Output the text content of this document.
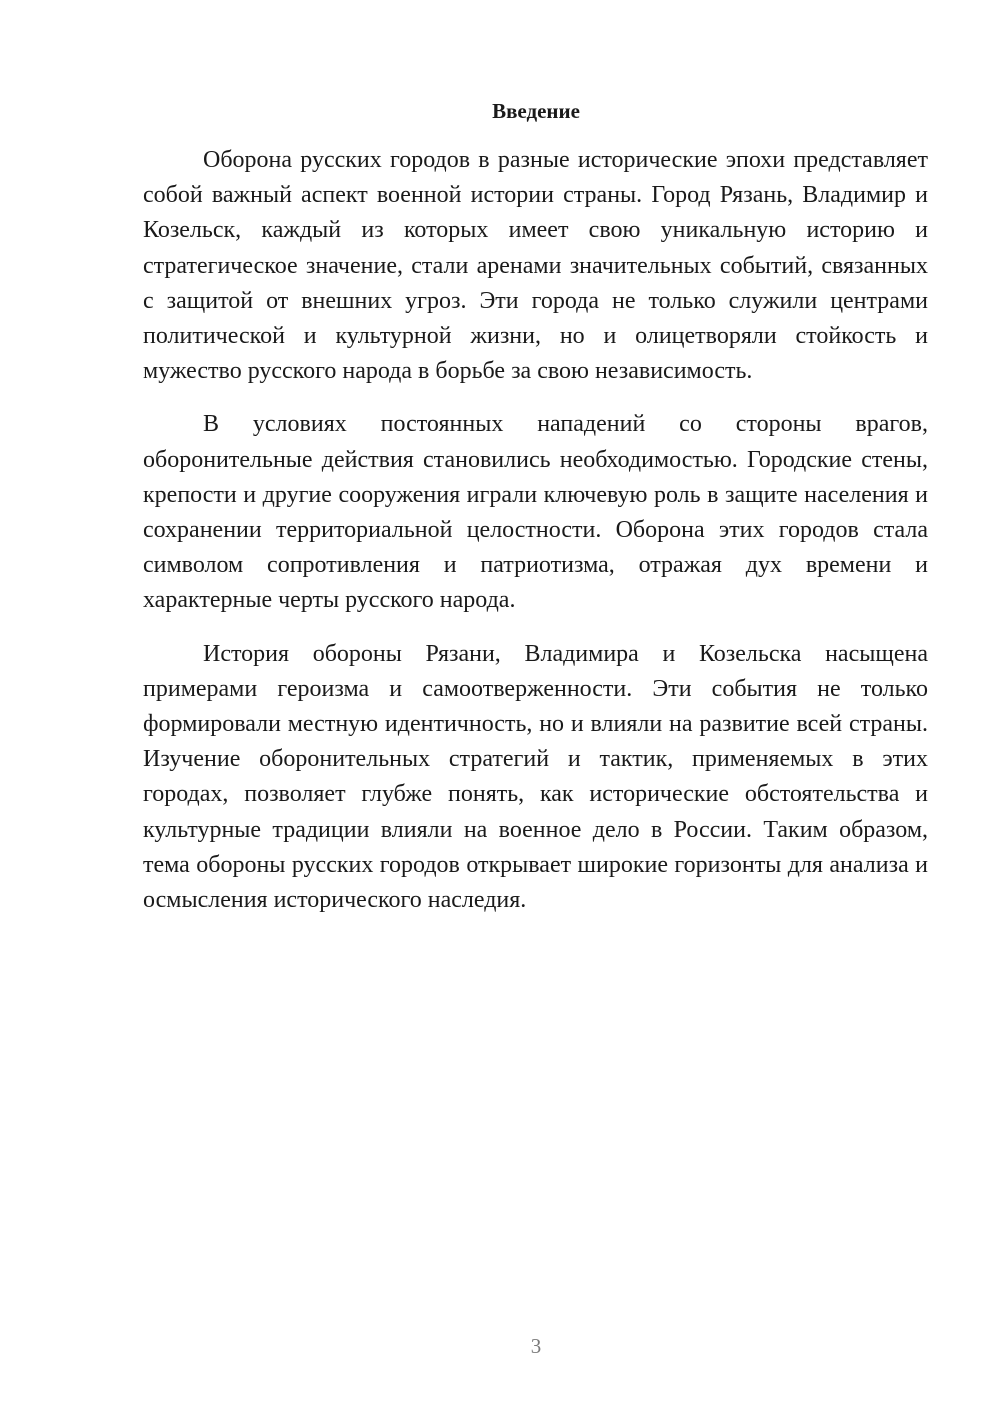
Введение

Оборона русских городов в разные исторические эпохи представляет собой важный аспект военной истории страны. Город Рязань, Владимир и Козельск, каждый из которых имеет свою уникальную историю и стратегическое значение, стали аренами значительных событий, связанных с защитой от внешних угроз. Эти города не только служили центрами политической и культурной жизни, но и олицетворяли стойкость и мужество русского народа в борьбе за свою независимость.

В условиях постоянных нападений со стороны врагов, оборонительные действия становились необходимостью. Городские стены, крепости и другие сооружения играли ключевую роль в защите населения и сохранении территориальной целостности. Оборона этих городов стала символом сопротивления и патриотизма, отражая дух времени и характерные черты русского народа.

История обороны Рязани, Владимира и Козельска насыщена примерами героизма и самоотверженности. Эти события не только формировали местную идентичность, но и влияли на развитие всей страны. Изучение оборонительных стратегий и тактик, применяемых в этих городах, позволяет глубже понять, как исторические обстоятельства и культурные традиции влияли на военное дело в России. Таким образом, тема обороны русских городов открывает широкие горизонты для анализа и осмысления исторического наследия.

3
